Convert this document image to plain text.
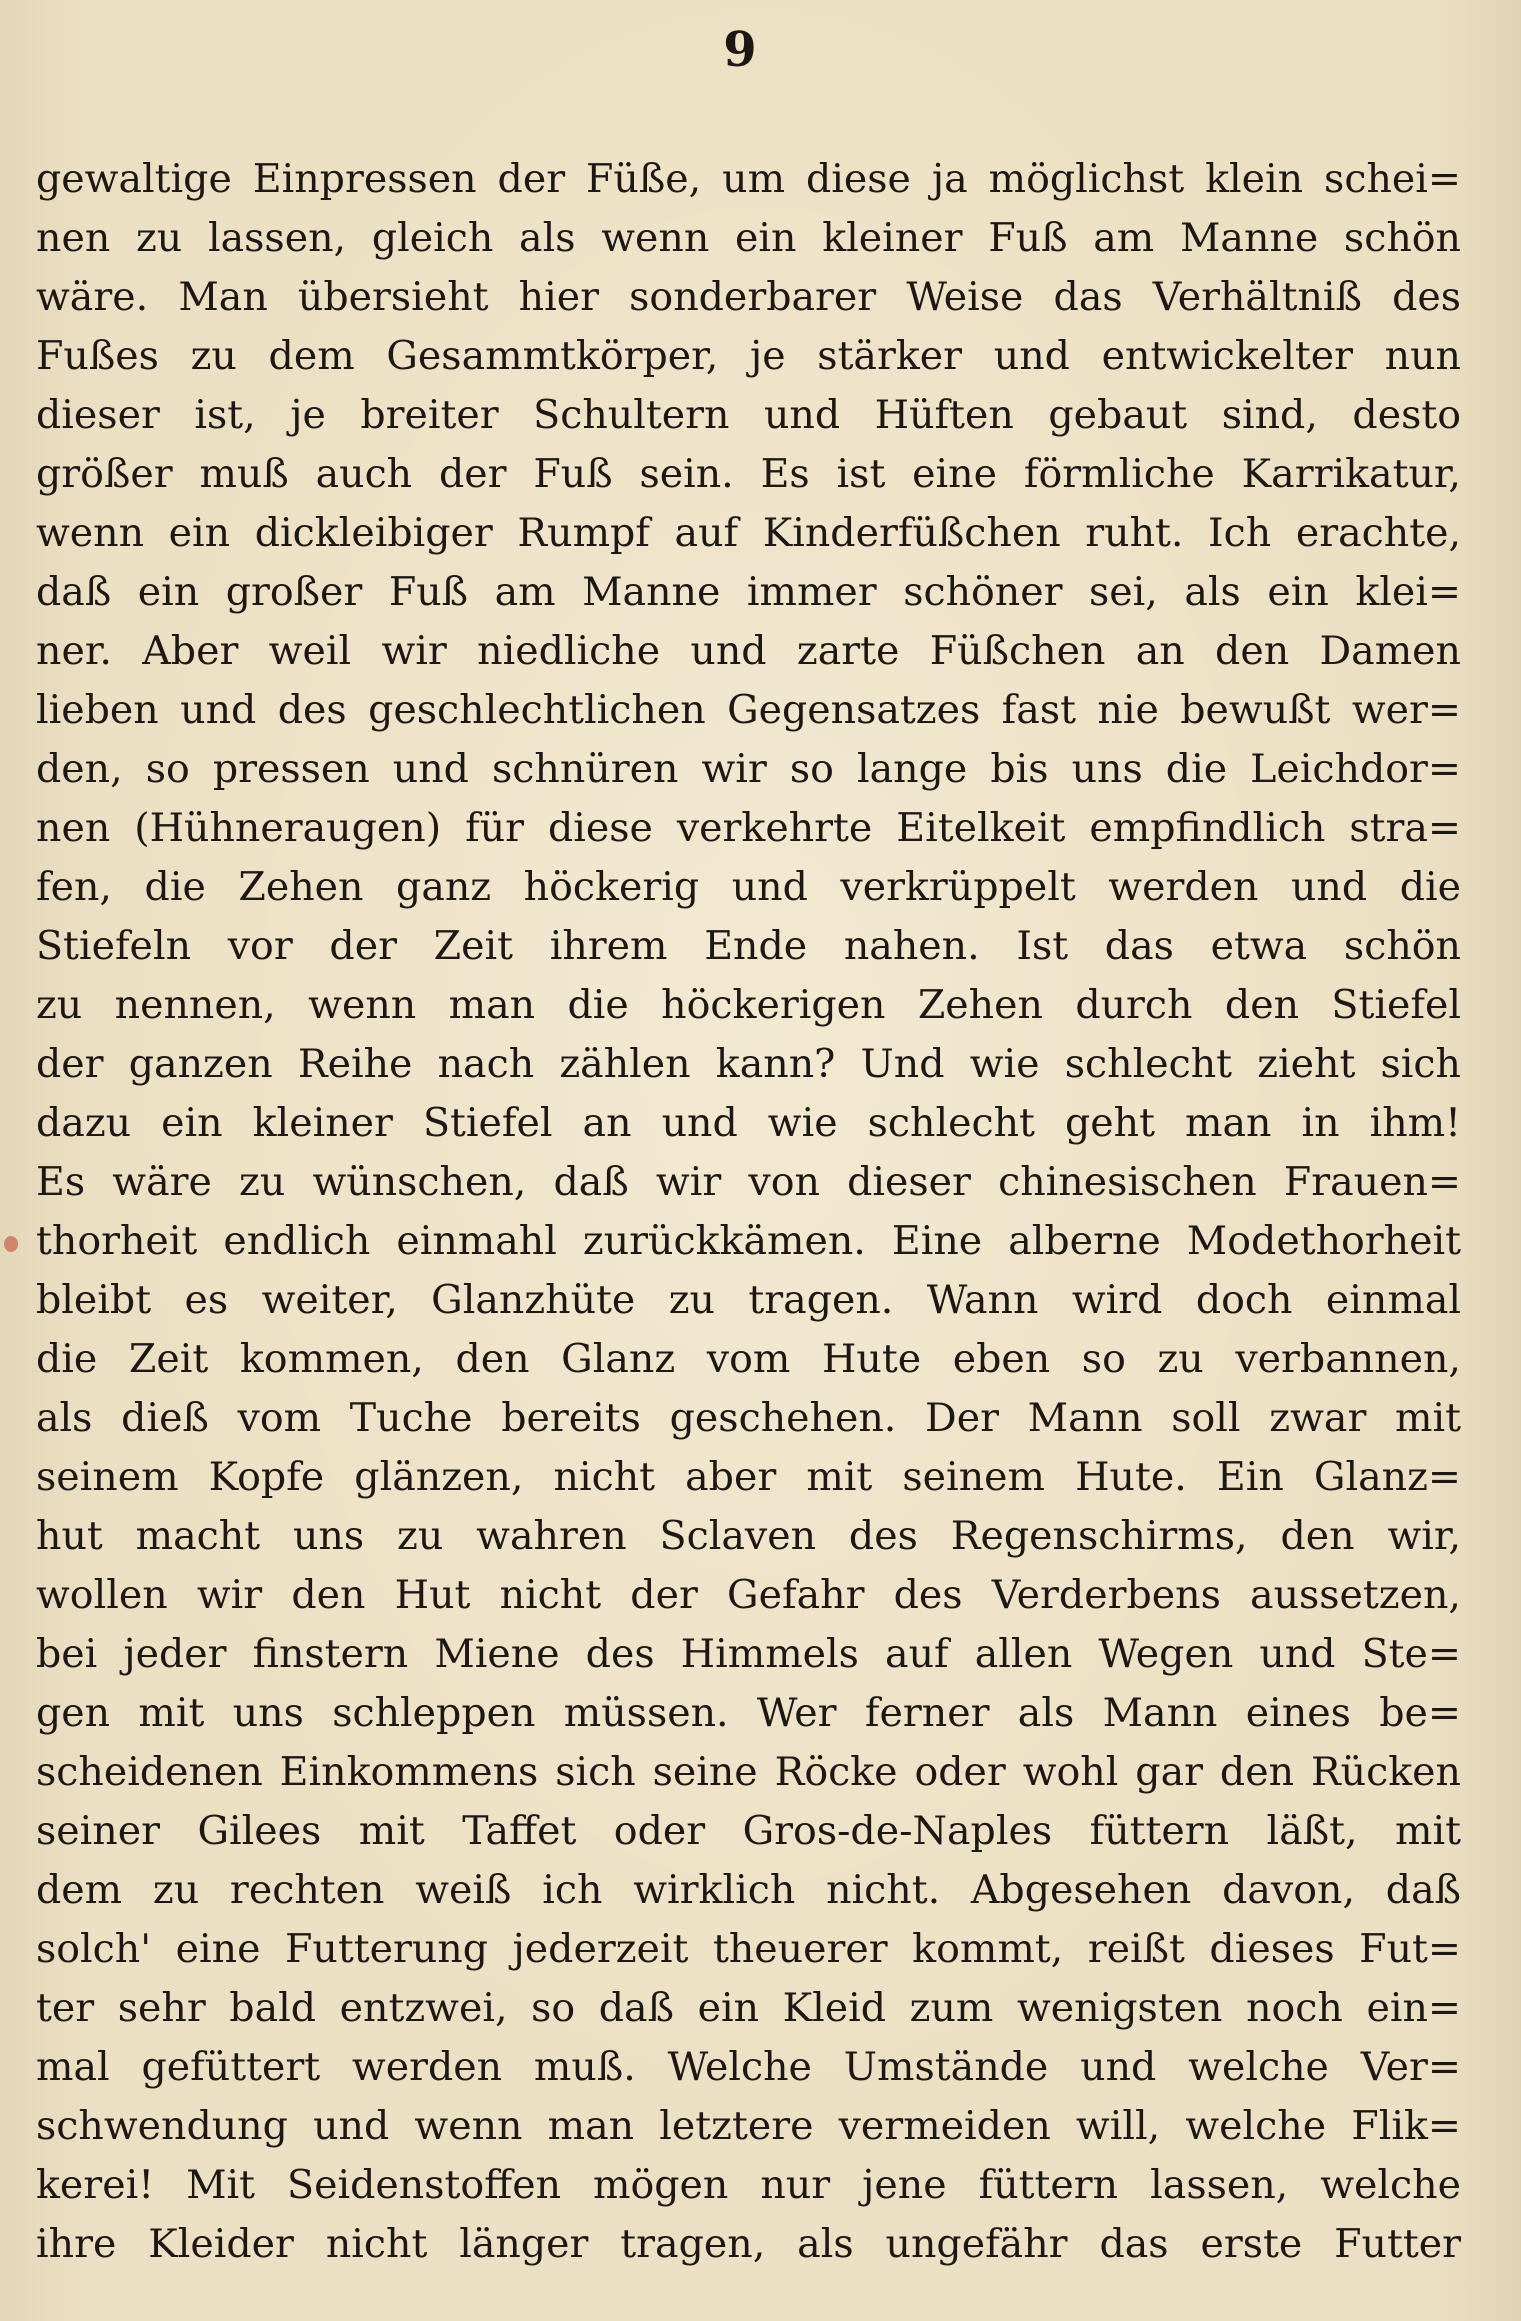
9
gewaltige Einpressen der Füße, um diese ja möglichst klein schei=
nen zu lassen, gleich als wenn ein kleiner Fuß am Manne schön
wäre. Man übersieht hier sonderbarer Weise das Verhältniß des
Fußes zu dem Gesammtkörper, je stärker und entwickelter nun
dieser ist, je breiter Schultern und Hüften gebaut sind, desto
größer muß auch der Fuß sein. Es ist eine förmliche Karrikatur,
wenn ein dickleibiger Rumpf auf Kinderfüßchen ruht. Ich erachte,
daß ein großer Fuß am Manne immer schöner sei, als ein klei=
ner. Aber weil wir niedliche und zarte Füßchen an den Damen
lieben und des geschlechtlichen Gegensatzes fast nie bewußt wer=
den, so pressen und schnüren wir so lange bis uns die Leichdor=
nen (Hühneraugen) für diese verkehrte Eitelkeit empfindlich stra=
fen, die Zehen ganz höckerig und verkrüppelt werden und die
Stiefeln vor der Zeit ihrem Ende nahen. Ist das etwa schön
zu nennen, wenn man die höckerigen Zehen durch den Stiefel
der ganzen Reihe nach zählen kann? Und wie schlecht zieht sich
dazu ein kleiner Stiefel an und wie schlecht geht man in ihm!
Es wäre zu wünschen, daß wir von dieser chinesischen Frauen=
thorheit endlich einmahl zurückkämen. Eine alberne Modethorheit
bleibt es weiter, Glanzhüte zu tragen. Wann wird doch einmal
die Zeit kommen, den Glanz vom Hute eben so zu verbannen,
als dieß vom Tuche bereits geschehen. Der Mann soll zwar mit
seinem Kopfe glänzen, nicht aber mit seinem Hute. Ein Glanz=
hut macht uns zu wahren Sclaven des Regenschirms, den wir,
wollen wir den Hut nicht der Gefahr des Verderbens aussetzen,
bei jeder finstern Miene des Himmels auf allen Wegen und Ste=
gen mit uns schleppen müssen. Wer ferner als Mann eines be=
scheidenen Einkommens sich seine Röcke oder wohl gar den Rücken
seiner Gilees mit Taffet oder Gros-de-Naples füttern läßt, mit
dem zu rechten weiß ich wirklich nicht. Abgesehen davon, daß
solch' eine Futterung jederzeit theuerer kommt, reißt dieses Fut=
ter sehr bald entzwei, so daß ein Kleid zum wenigsten noch ein=
mal gefüttert werden muß. Welche Umstände und welche Ver=
schwendung und wenn man letztere vermeiden will, welche Flik=
kerei! Mit Seidenstoffen mögen nur jene füttern lassen, welche
ihre Kleider nicht länger tragen, als ungefähr das erste Futter
